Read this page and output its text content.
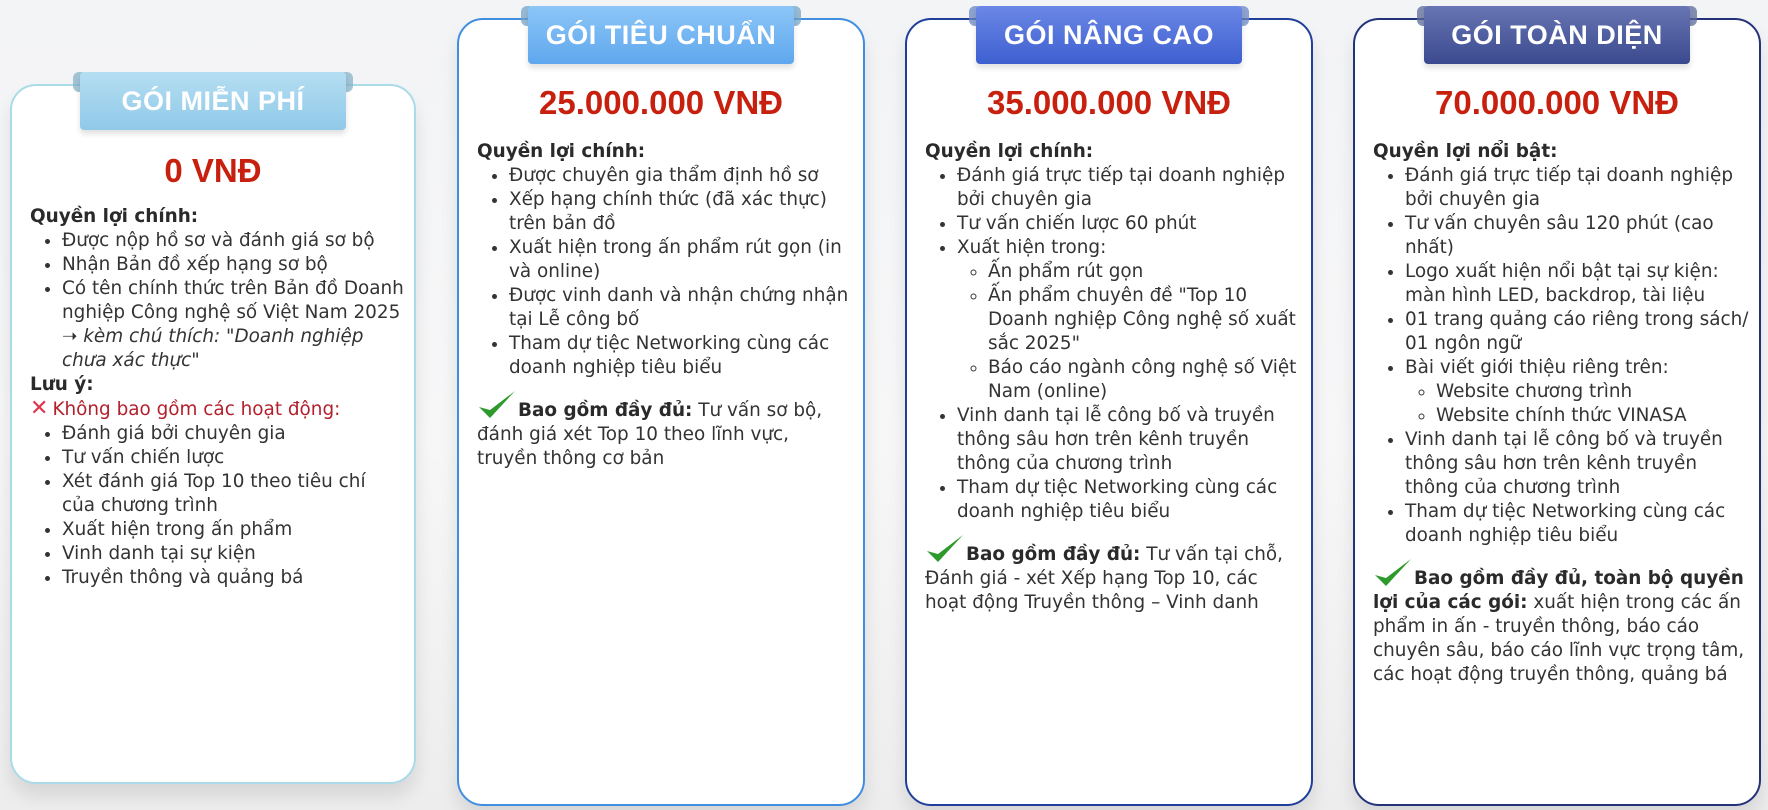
GÓI MIỄN PHÍ
0 VNĐ
Quyền lợi chính:
• Được nộp hồ sơ và đánh giá sơ bộ
• Nhận Bản đồ xếp hạng sơ bộ
• Có tên chính thức trên Bản đồ Doanh nghiệp Công nghệ số Việt Nam 2025 ➝ kèm chú thích: "Doanh nghiệp chưa xác thực"
Lưu ý:
✕ Không bao gồm các hoạt động:
• Đánh giá bởi chuyên gia
• Tư vấn chiến lược
• Xét đánh giá Top 10 theo tiêu chí của chương trình
• Xuất hiện trong ấn phẩm
• Vinh danh tại sự kiện
• Truyền thông và quảng bá
GÓI TIÊU CHUẨN
25.000.000 VNĐ
Quyền lợi chính:
• Được chuyên gia thẩm định hồ sơ
• Xếp hạng chính thức (đã xác thực) trên bản đồ
• Xuất hiện trong ấn phẩm rút gọn (in và online)
• Được vinh danh và nhận chứng nhận tại Lễ công bố
• Tham dự tiệc Networking cùng các doanh nghiệp tiêu biểu
Bao gồm đầy đủ: Tư vấn sơ bộ, đánh giá xét Top 10 theo lĩnh vực, truyền thông cơ bản
GÓI NÂNG CAO
35.000.000 VNĐ
Quyền lợi chính:
• Đánh giá trực tiếp tại doanh nghiệp bởi chuyên gia
• Tư vấn chiến lược 60 phút
• Xuất hiện trong:
◦ Ấn phẩm rút gọn
◦ Ấn phẩm chuyên đề "Top 10 Doanh nghiệp Công nghệ số xuất sắc 2025"
◦ Báo cáo ngành công nghệ số Việt Nam (online)
• Vinh danh tại lễ công bố và truyền thông sâu hơn trên kênh truyền thông của chương trình
• Tham dự tiệc Networking cùng các doanh nghiệp tiêu biểu
Bao gồm đầy đủ: Tư vấn tại chỗ, Đánh giá - xét Xếp hạng Top 10, các hoạt động Truyền thông – Vinh danh
GÓI TOÀN DIỆN
70.000.000 VNĐ
Quyền lợi nổi bật:
• Đánh giá trực tiếp tại doanh nghiệp bởi chuyên gia
• Tư vấn chuyên sâu 120 phút (cao nhất)
• Logo xuất hiện nổi bật tại sự kiện: màn hình LED, backdrop, tài liệu
• 01 trang quảng cáo riêng trong sách/ 01 ngôn ngữ
• Bài viết giới thiệu riêng trên:
◦ Website chương trình
◦ Website chính thức VINASA
• Vinh danh tại lễ công bố và truyền thông sâu hơn trên kênh truyền thông của chương trình
• Tham dự tiệc Networking cùng các doanh nghiệp tiêu biểu
Bao gồm đầy đủ, toàn bộ quyền lợi của các gói: xuất hiện trong các ấn phẩm in ấn - truyền thông, báo cáo chuyên sâu, báo cáo lĩnh vực trọng tâm, các hoạt động truyền thông, quảng bá
